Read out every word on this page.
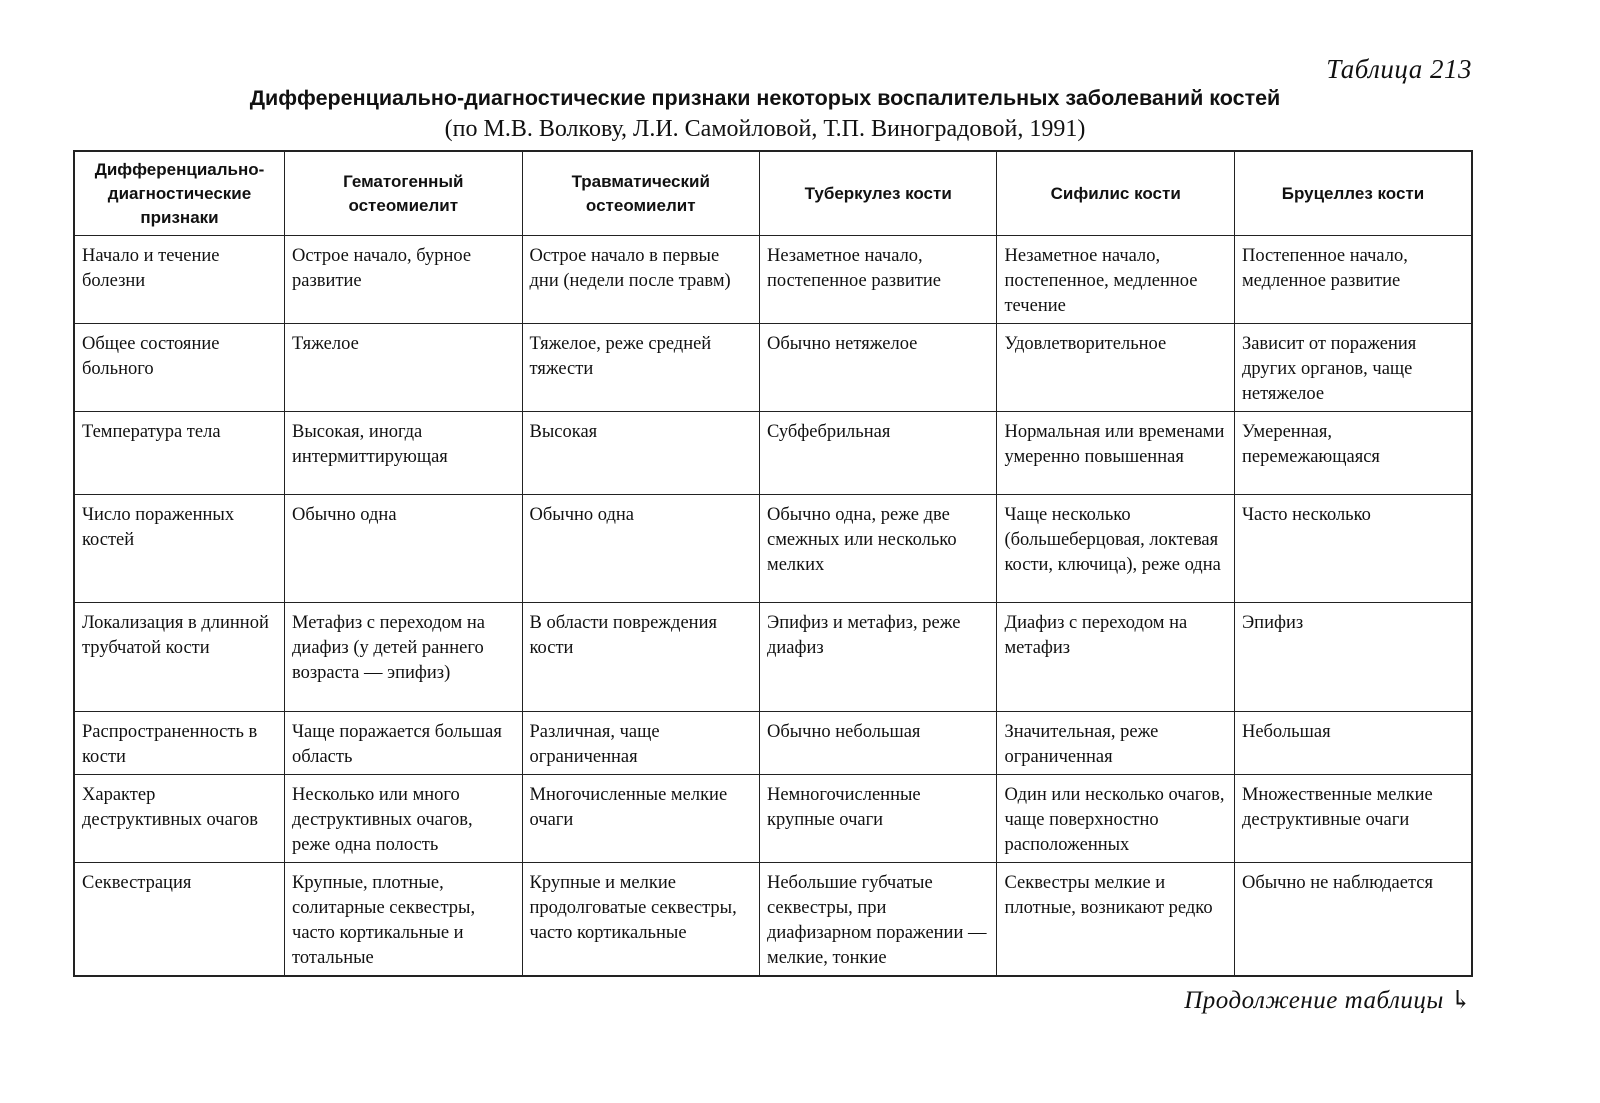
Таблица 213
Дифференциально-диагностические признаки некоторых воспалительных заболеваний костей
(по М.В. Волкову, Л.И. Самойловой, Т.П. Виноградовой, 1991)
Дифференциально-диагностические признаки	Гематогенный остеомиелит	Травматический остеомиелит	Туберкулез кости	Сифилис кости	Бруцеллез кости
Начало и течение болезни	Острое начало, бурное развитие	Острое начало в первые дни (недели после травм)	Незаметное начало, постепенное развитие	Незаметное начало, постепенное, медленное течение	Постепенное начало, медленное развитие
Общее состояние больного	Тяжелое	Тяжелое, реже средней тяжести	Обычно нетяжелое	Удовлетворительное	Зависит от поражения других органов, чаще нетяжелое
Температура тела	Высокая, иногда интермиттирующая	Высокая	Субфебрильная	Нормальная или временами умеренно повышенная	Умеренная, перемежающаяся
Число пораженных костей	Обычно одна	Обычно одна	Обычно одна, реже две смежных или несколько мелких	Чаще несколько (большеберцовая, локтевая кости, ключица), реже одна	Часто несколько
Локализация в длинной трубчатой кости	Метафиз с переходом на диафиз (у детей раннего возраста — эпифиз)	В области повреждения кости	Эпифиз и метафиз, реже диафиз	Диафиз с переходом на метафиз	Эпифиз
Распространенность в кости	Чаще поражается большая область	Различная, чаще ограниченная	Обычно небольшая	Значительная, реже ограниченная	Небольшая
Характер деструктивных очагов	Несколько или много деструктивных очагов, реже одна полость	Многочисленные мелкие очаги	Немногочисленные крупные очаги	Один или несколько очагов, чаще поверхностно расположенных	Множественные мелкие деструктивные очаги
Секвестрация	Крупные, плотные, солитарные секвестры, часто кортикальные и тотальные	Крупные и мелкие продолговатые секвестры, часто кортикальные	Небольшие губчатые секвестры, при диафизарном поражении — мелкие, тонкие	Секвестры мелкие и плотные, возникают редко	Обычно не наблюдается
Продолжение таблицы ↳
